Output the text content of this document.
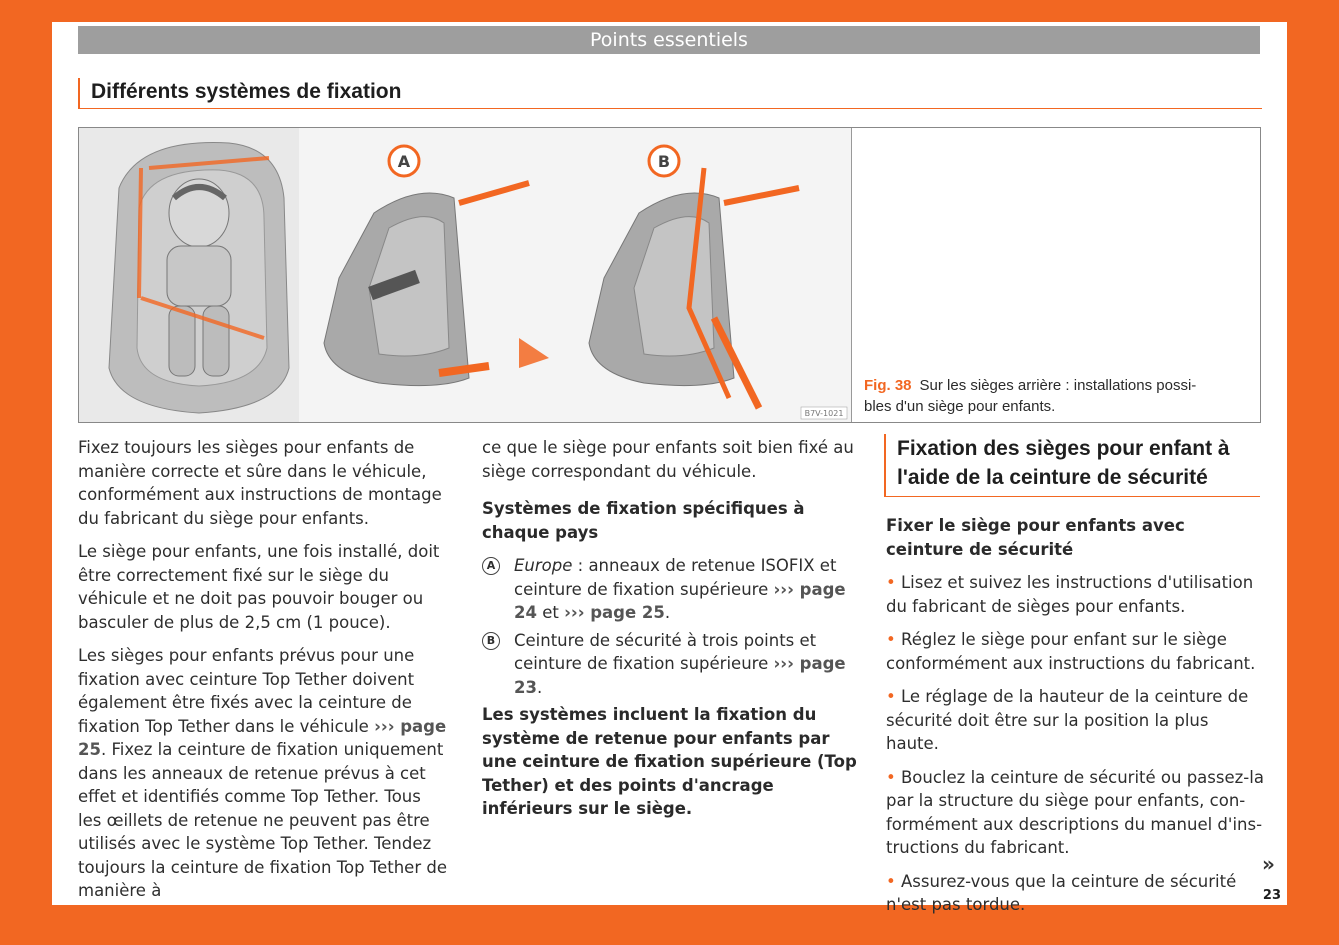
Points essentiels
Différents systèmes de fixation
A	B
B7V-1021
Fig. 38 Sur les sièges arrière : installations possi-
bles d'un siège pour enfants.

Fixez toujours les sièges pour enfants de manière correcte et sûre dans le véhicule, conformément aux instructions de montage du fabricant du siège pour enfants.

Le siège pour enfants, une fois installé, doit être correctement fixé sur le siège du véhicule et ne doit pas pouvoir bouger ou basculer de plus de 2,5 cm (1 pouce).

Les sièges pour enfants prévus pour une fixation avec ceinture Top Tether doivent également être fixés avec la ceinture de fixation Top Tether dans le véhicule ››› page 25. Fixez la ceinture de fixation uniquement dans les anneaux de retenue prévus à cet effet et identifiés comme Top Tether. Tous les œillets de retenue ne peuvent pas être utilisés avec le système Top Tether. Tendez toujours la ceinture de fixation Top Tether de manière à

ce que le siège pour enfants soit bien fixé au siège correspondant du véhicule.

Systèmes de fixation spécifiques à chaque pays

A Europe : anneaux de retenue ISOFIX et ceinture de fixation supérieure ››› page 24 et ››› page 25.
B Ceinture de sécurité à trois points et ceinture de fixation supérieure ››› page 23.

Les systèmes incluent la fixation du système de retenue pour enfants par une ceinture de fixation supérieure (Top Tether) et des points d'ancrage inférieurs sur le siège.

Fixation des sièges pour enfant à l'aide de la ceinture de sécurité

Fixer le siège pour enfants avec ceinture de sécurité

• Lisez et suivez les instructions d'utilisation du fabricant de sièges pour enfants.

• Réglez le siège pour enfant sur le siège conformément aux instructions du fabricant.

• Le réglage de la hauteur de la ceinture de sécurité doit être sur la position la plus haute.

• Bouclez la ceinture de sécurité ou passez-la par la structure du siège pour enfants, conformément aux descriptions du manuel d'instructions du fabricant.

• Assurez-vous que la ceinture de sécurité n'est pas tordue.

»
23
